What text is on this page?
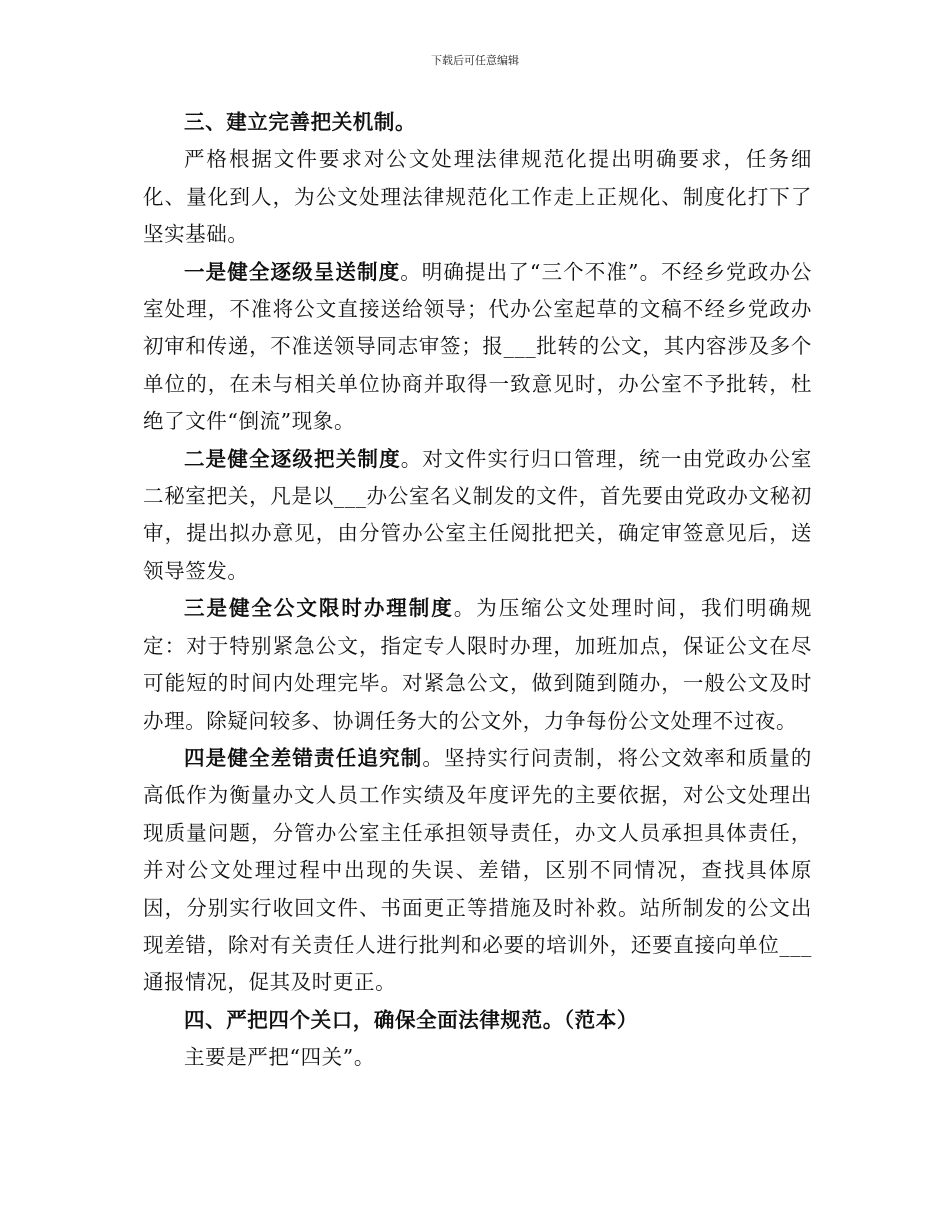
下载后可任意编辑

三、建立完善把关机制。

严格根据文件要求对公文处理法律规范化提出明确要求，任务细化、量化到人，为公文处理法律规范化工作走上正规化、制度化打下了坚实基础。

一是健全逐级呈送制度。明确提出了“三个不准”。不经乡党政办公室处理，不准将公文直接送给领导；代办公室起草的文稿不经乡党政办初审和传递，不准送领导同志审签；报___批转的公文，其内容涉及多个单位的，在未与相关单位协商并取得一致意见时，办公室不予批转，杜绝了文件“倒流”现象。

二是健全逐级把关制度。对文件实行归口管理，统一由党政办公室二秘室把关，凡是以___办公室名义制发的文件，首先要由党政办文秘初审，提出拟办意见，由分管办公室主任阅批把关，确定审签意见后，送领导签发。

三是健全公文限时办理制度。为压缩公文处理时间，我们明确规定：对于特别紧急公文，指定专人限时办理，加班加点，保证公文在尽可能短的时间内处理完毕。对紧急公文，做到随到随办，一般公文及时办理。除疑问较多、协调任务大的公文外，力争每份公文处理不过夜。

四是健全差错责任追究制。坚持实行问责制，将公文效率和质量的高低作为衡量办文人员工作实绩及年度评先的主要依据，对公文处理出现质量问题，分管办公室主任承担领导责任，办文人员承担具体责任，并对公文处理过程中出现的失误、差错，区别不同情况，查找具体原因，分别实行收回文件、书面更正等措施及时补救。站所制发的公文出现差错，除对有关责任人进行批判和必要的培训外，还要直接向单位___通报情况，促其及时更正。

四、严把四个关口，确保全面法律规范。（范本）

主要是严把“四关”。
